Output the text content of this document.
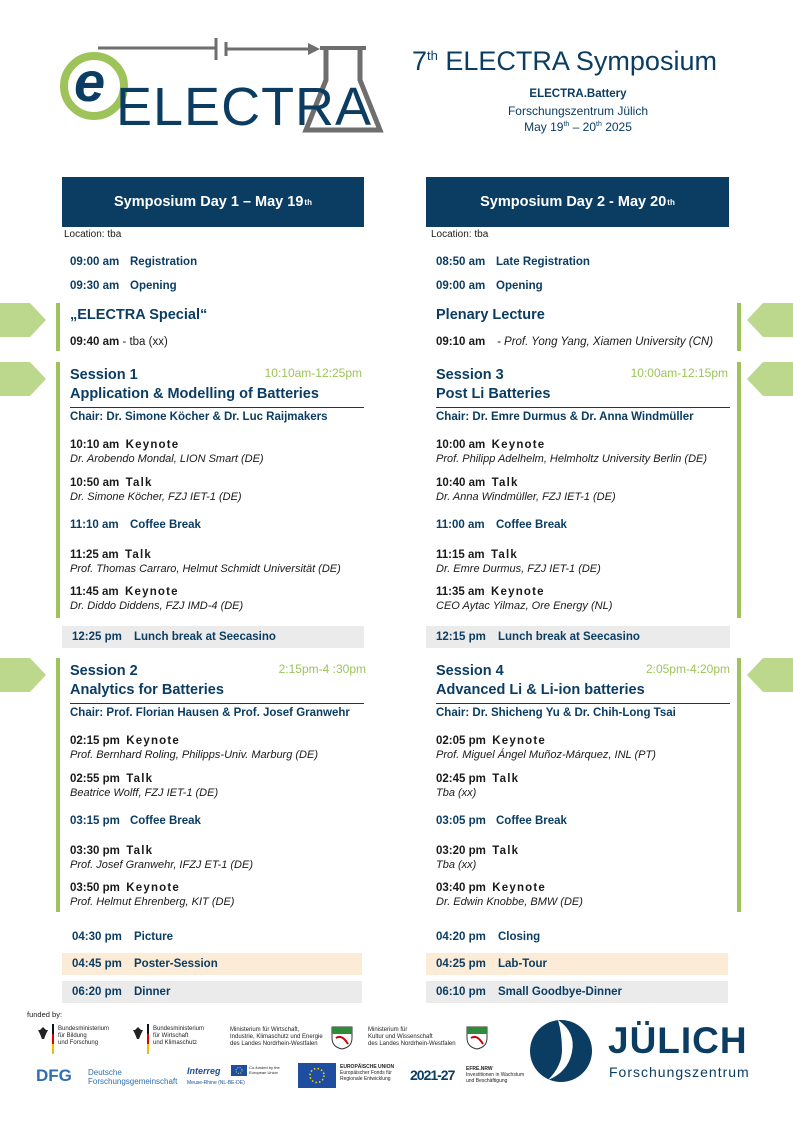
e ELECTRA
7th ELECTRA Symposium
ELECTRA.Battery
Forschungszentrum Jülich
May 19th – 20th 2025
Symposium Day 1 – May 19 th	Symposium Day 2 - May 20 th
Location: tba	Location: tba
09:00 am Registration
09:30 am Opening
08:50 am Late Registration
09:00 am Opening
„ELECTRA Special“
09:40 am - tba (xx)
Plenary Lecture
09:10 am - Prof. Yong Yang, Xiamen University (CN)
Session 1
Application & Modelling of Batteries
10:10am-12:25pm
Chair: Dr. Simone Köcher & Dr. Luc Raijmakers
10:10 am Keynote
Dr. Arobendo Mondal, LION Smart (DE)
10:50 am Talk
Dr. Simone Köcher, FZJ IET-1 (DE)
11:10 am Coffee Break
11:25 am Talk
Prof. Thomas Carraro, Helmut Schmidt Universität (DE)
11:45 am Keynote
Dr. Diddo Diddens, FZJ IMD-4 (DE)
Session 3
Post Li Batteries
10:00am-12:15pm
Chair: Dr. Emre Durmus & Dr. Anna Windmüller
10:00 am Keynote
Prof. Philipp Adelhelm, Helmholtz University Berlin (DE)
10:40 am Talk
Dr. Anna Windmüller, FZJ IET-1 (DE)
11:00 am Coffee Break
11:15 am Talk
Dr. Emre Durmus, FZJ IET-1 (DE)
11:35 am Keynote
CEO Aytac Yilmaz, Ore Energy (NL)
12:25 pm	Lunch break at Seecasino	12:15 pm	Lunch break at Seecasino
Session 2
Analytics for Batteries
2:15pm-4 :30pm
Chair: Prof. Florian Hausen & Prof. Josef Granwehr
02:15 pm Keynote
Prof. Bernhard Roling, Philipps-Univ. Marburg (DE)
02:55 pm Talk
Beatrice Wolff, FZJ IET-1 (DE)
03:15 pm Coffee Break
03:30 pm Talk
Prof. Josef Granwehr, IFZJ ET-1 (DE)
03:50 pm Keynote
Prof. Helmut Ehrenberg, KIT (DE)
Session 4
Advanced Li & Li-ion batteries
2:05pm-4:20pm
Chair: Dr. Shicheng Yu & Dr. Chih-Long Tsai
02:05 pm Keynote
Prof. Miguel Ángel Muñoz-Márquez, INL (PT)
02:45 pm Talk
Tba (xx)
03:05 pm Coffee Break
03:20 pm Talk
Tba (xx)
03:40 pm Keynote
Dr. Edwin Knobbe, BMW (DE)
04:30 pm	Picture
04:45 pm	Poster-Session
06:20 pm	Dinner
04:20 pm	Closing
04:25 pm	Lab-Tour
06:10 pm	Small Goodbye-Dinner
funded by:
Bundesministerium
für Bildung
und Forschung
Bundesministerium
für Wirtschaft
und Klimaschutz
Ministerium für Wirtschaft,
Industrie, Klimaschutz und Energie
des Landes Nordrhein-Westfalen
Ministerium für
Kultur und Wissenschaft
des Landes Nordrhein-Westfalen
DFG Deutsche
Forschungsgemeinschaft
Interreg	Co-funded by the European Union
Meuse-Rhine (NL-BE-DE)
EUROPÄISCHE UNION
Europäischer Fonds für
Regionale Entwicklung 2021-27 EFRE.NRW
Investitionen in Wachstum
und Beschäftigung
JÜLICH
Forschungszentrum
